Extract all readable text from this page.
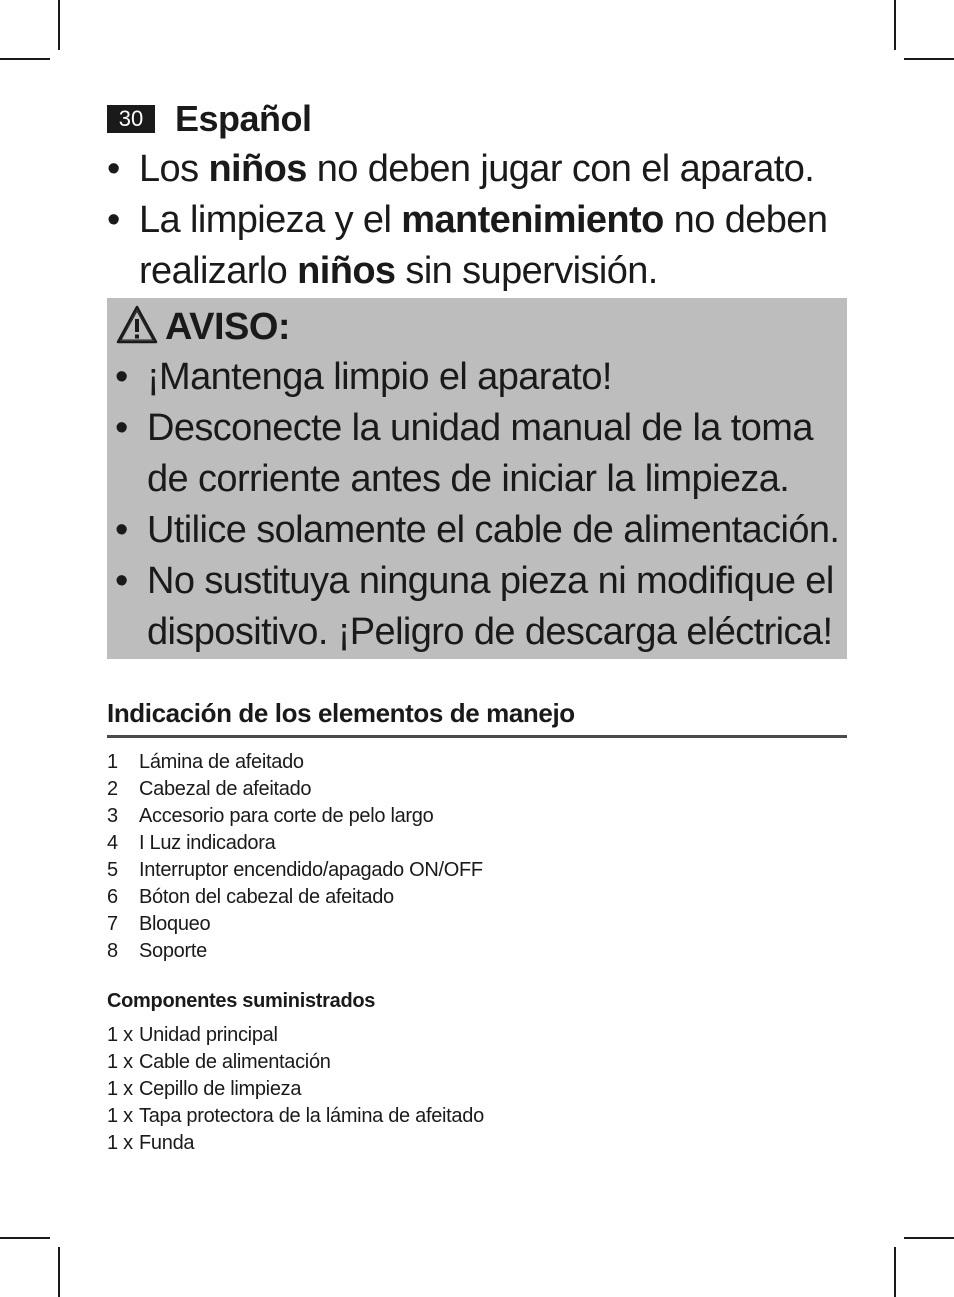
30 Español
• Los niños no deben jugar con el aparato.
• La limpieza y el mantenimiento no deben realizarlo niños sin supervisión.
AVISO:
• ¡Mantenga limpio el aparato!
• Desconecte la unidad manual de la toma de corriente antes de iniciar la limpieza.
• Utilice solamente el cable de alimentación.
• No sustituya ninguna pieza ni modifique el dispositivo. ¡Peligro de descarga eléctrica!
Indicación de los elementos de manejo
1	Lámina de afeitado
2	Cabezal de afeitado
3	Accesorio para corte de pelo largo
4	I Luz indicadora
5	Interruptor encendido/apagado ON/OFF
6	Bóton del cabezal de afeitado
7	Bloqueo
8	Soporte
Componentes suministrados
1 x Unidad principal
1 x Cable de alimentación
1 x Cepillo de limpieza
1 x Tapa protectora de la lámina de afeitado
1 x Funda
